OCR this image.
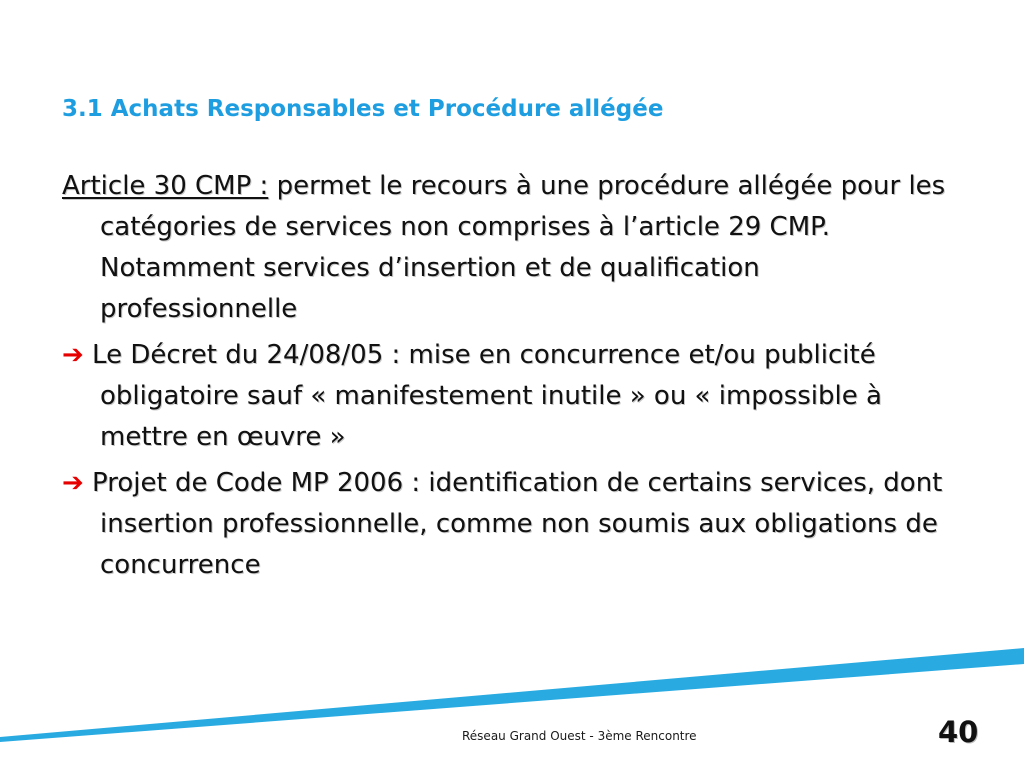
3.1 Achats Responsables et Procédure allégée

Article 30 CMP : permet le recours à une procédure allégée pour les catégories de services non comprises à l’article 29 CMP. Notamment services d’insertion et de qualification professionnelle

➔ Le Décret du 24/08/05 : mise en concurrence et/ou publicité obligatoire sauf « manifestement inutile » ou « impossible à mettre en œuvre »

➔ Projet de Code MP 2006 : identification de certains services, dont insertion professionnelle, comme non soumis aux obligations de concurrence

Réseau Grand Ouest - 3ème Rencontre	40
